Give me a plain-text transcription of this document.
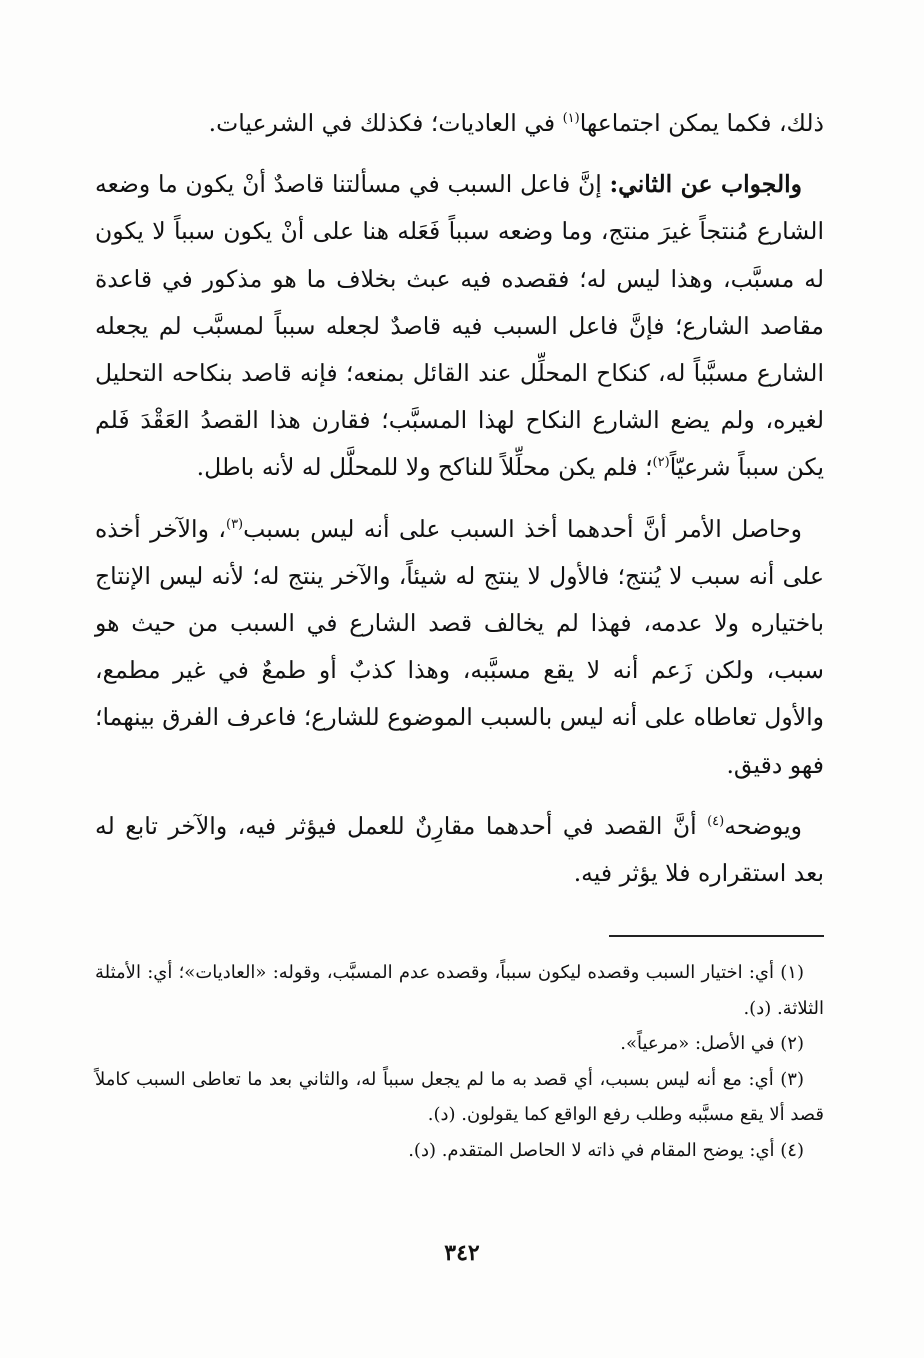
ذلك، فكما يمكن اجتماعها$^{(١)}$ في العاديات؛ فكذلك في الشرعيات.

والجواب عن الثاني: إنَّ فاعل السبب في مسألتنا قاصدٌ أنْ يكون ما وضعه الشارع مُنتجاً غيرَ منتج، وما وضعه سبباً فَعَله هنا على أنْ يكون سبباً لا يكون له مسبَّب، وهذا ليس له؛ فقصده فيه عبث بخلاف ما هو مذكور في قاعدة مقاصد الشارع؛ فإنَّ فاعل السبب فيه قاصدٌ لجعله سبباً لمسبَّب لم يجعله الشارع مسبَّباً له، كنكاح المحلِّل عند القائل بمنعه؛ فإنه قاصد بنكاحه التحليل لغيره، ولم يضع الشارع النكاح لهذا المسبَّب؛ فقارن هذا القصدُ العَقْدَ فَلم يكن سبباً شرعيّاً$^{(٢)}$؛ فلم يكن محلِّلاً للناكح ولا للمحلَّل له لأنه باطل.

وحاصل الأمر أنَّ أحدهما أخذ السبب على أنه ليس بسبب$^{(٣)}$، والآخر أخذه على أنه سبب لا يُنتج؛ فالأول لا ينتج له شيئاً، والآخر ينتج له؛ لأنه ليس الإنتاج باختياره ولا عدمه، فهذا لم يخالف قصد الشارع في السبب من حيث هو سبب، ولكن زَعم أنه لا يقع مسبَّبه، وهذا كذبٌ أو طمعٌ في غير مطمع، والأول تعاطاه على أنه ليس بالسبب الموضوع للشارع؛ فاعرف الفرق بينهما؛ فهو دقيق.

ويوضحه$^{(٤)}$ أنَّ القصد في أحدهما مقارِنٌ للعمل فيؤثر فيه، والآخر تابع له بعد استقراره فلا يؤثر فيه.

(١) أي: اختيار السبب وقصده ليكون سبباً، وقصده عدم المسبَّب، وقوله: «العاديات»؛ أي: الأمثلة الثلاثة. (د).

(٢) في الأصل: «مرعياً».

(٣) أي: مع أنه ليس بسبب، أي قصد به ما لم يجعل سبباً له، والثاني بعد ما تعاطى السبب كاملاً قصد ألا يقع مسبَّبه وطلب رفع الواقع كما يقولون. (د).

(٤) أي: يوضح المقام في ذاته لا الحاصل المتقدم. (د).

٣٤٢
